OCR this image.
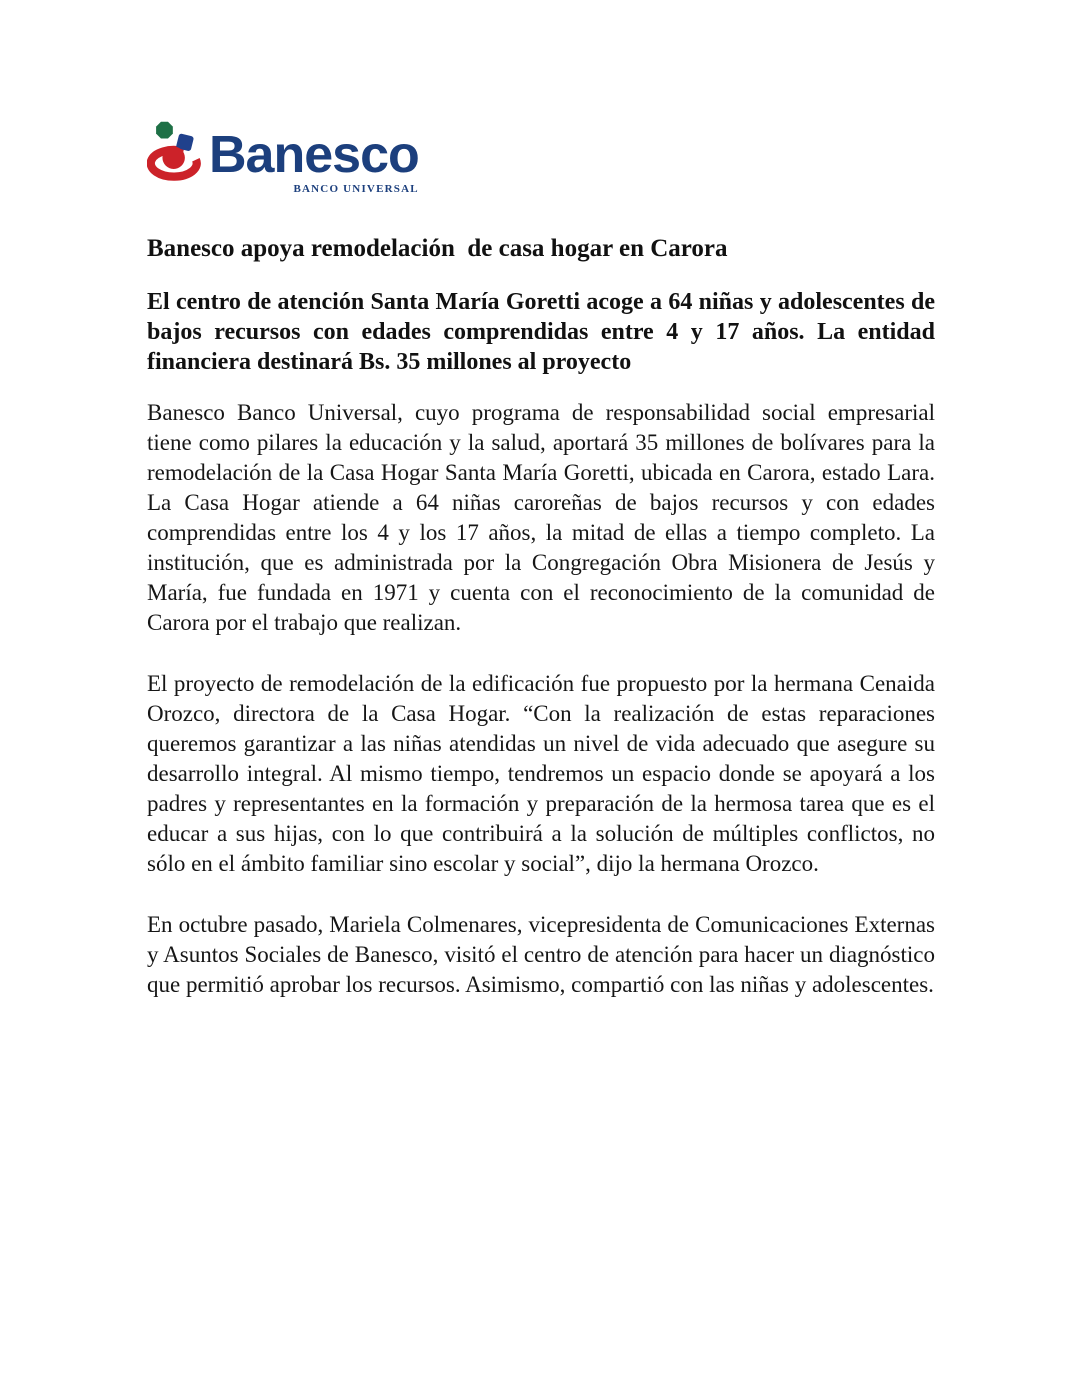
Banesco
BANCO UNIVERSAL
Banesco apoya remodelación  de casa hogar en Carora

El centro de atención Santa María Goretti acoge a 64 niñas y adolescentes de bajos recursos con edades comprendidas entre 4 y 17 años. La entidad financiera destinará Bs. 35 millones al proyecto

Banesco Banco Universal, cuyo programa de responsabilidad social empresarial tiene como pilares la educación y la salud, aportará 35 millones de bolívares para la remodelación de la Casa Hogar Santa María Goretti, ubicada en Carora, estado Lara. La Casa Hogar atiende a 64 niñas caroreñas de bajos recursos y con edades comprendidas entre los 4 y los 17 años, la mitad de ellas a tiempo completo. La institución, que es administrada por la Congregación Obra Misionera de Jesús y María, fue fundada en 1971 y cuenta con el reconocimiento de la comunidad de Carora por el trabajo que realizan.

El proyecto de remodelación de la edificación fue propuesto por la hermana Cenaida Orozco, directora de la Casa Hogar. “Con la realización de estas reparaciones queremos garantizar a las niñas atendidas un nivel de vida adecuado que asegure su desarrollo integral. Al mismo tiempo, tendremos un espacio donde se apoyará a los padres y representantes en la formación y preparación de la hermosa tarea que es el educar a sus hijas, con lo que contribuirá a la solución de múltiples conflictos, no sólo en el ámbito familiar sino escolar y social”, dijo la hermana Orozco.

En octubre pasado, Mariela Colmenares, vicepresidenta de Comunicaciones Externas y Asuntos Sociales de Banesco, visitó el centro de atención para hacer un diagnóstico que permitió aprobar los recursos. Asimismo, compartió con las niñas y adolescentes.
